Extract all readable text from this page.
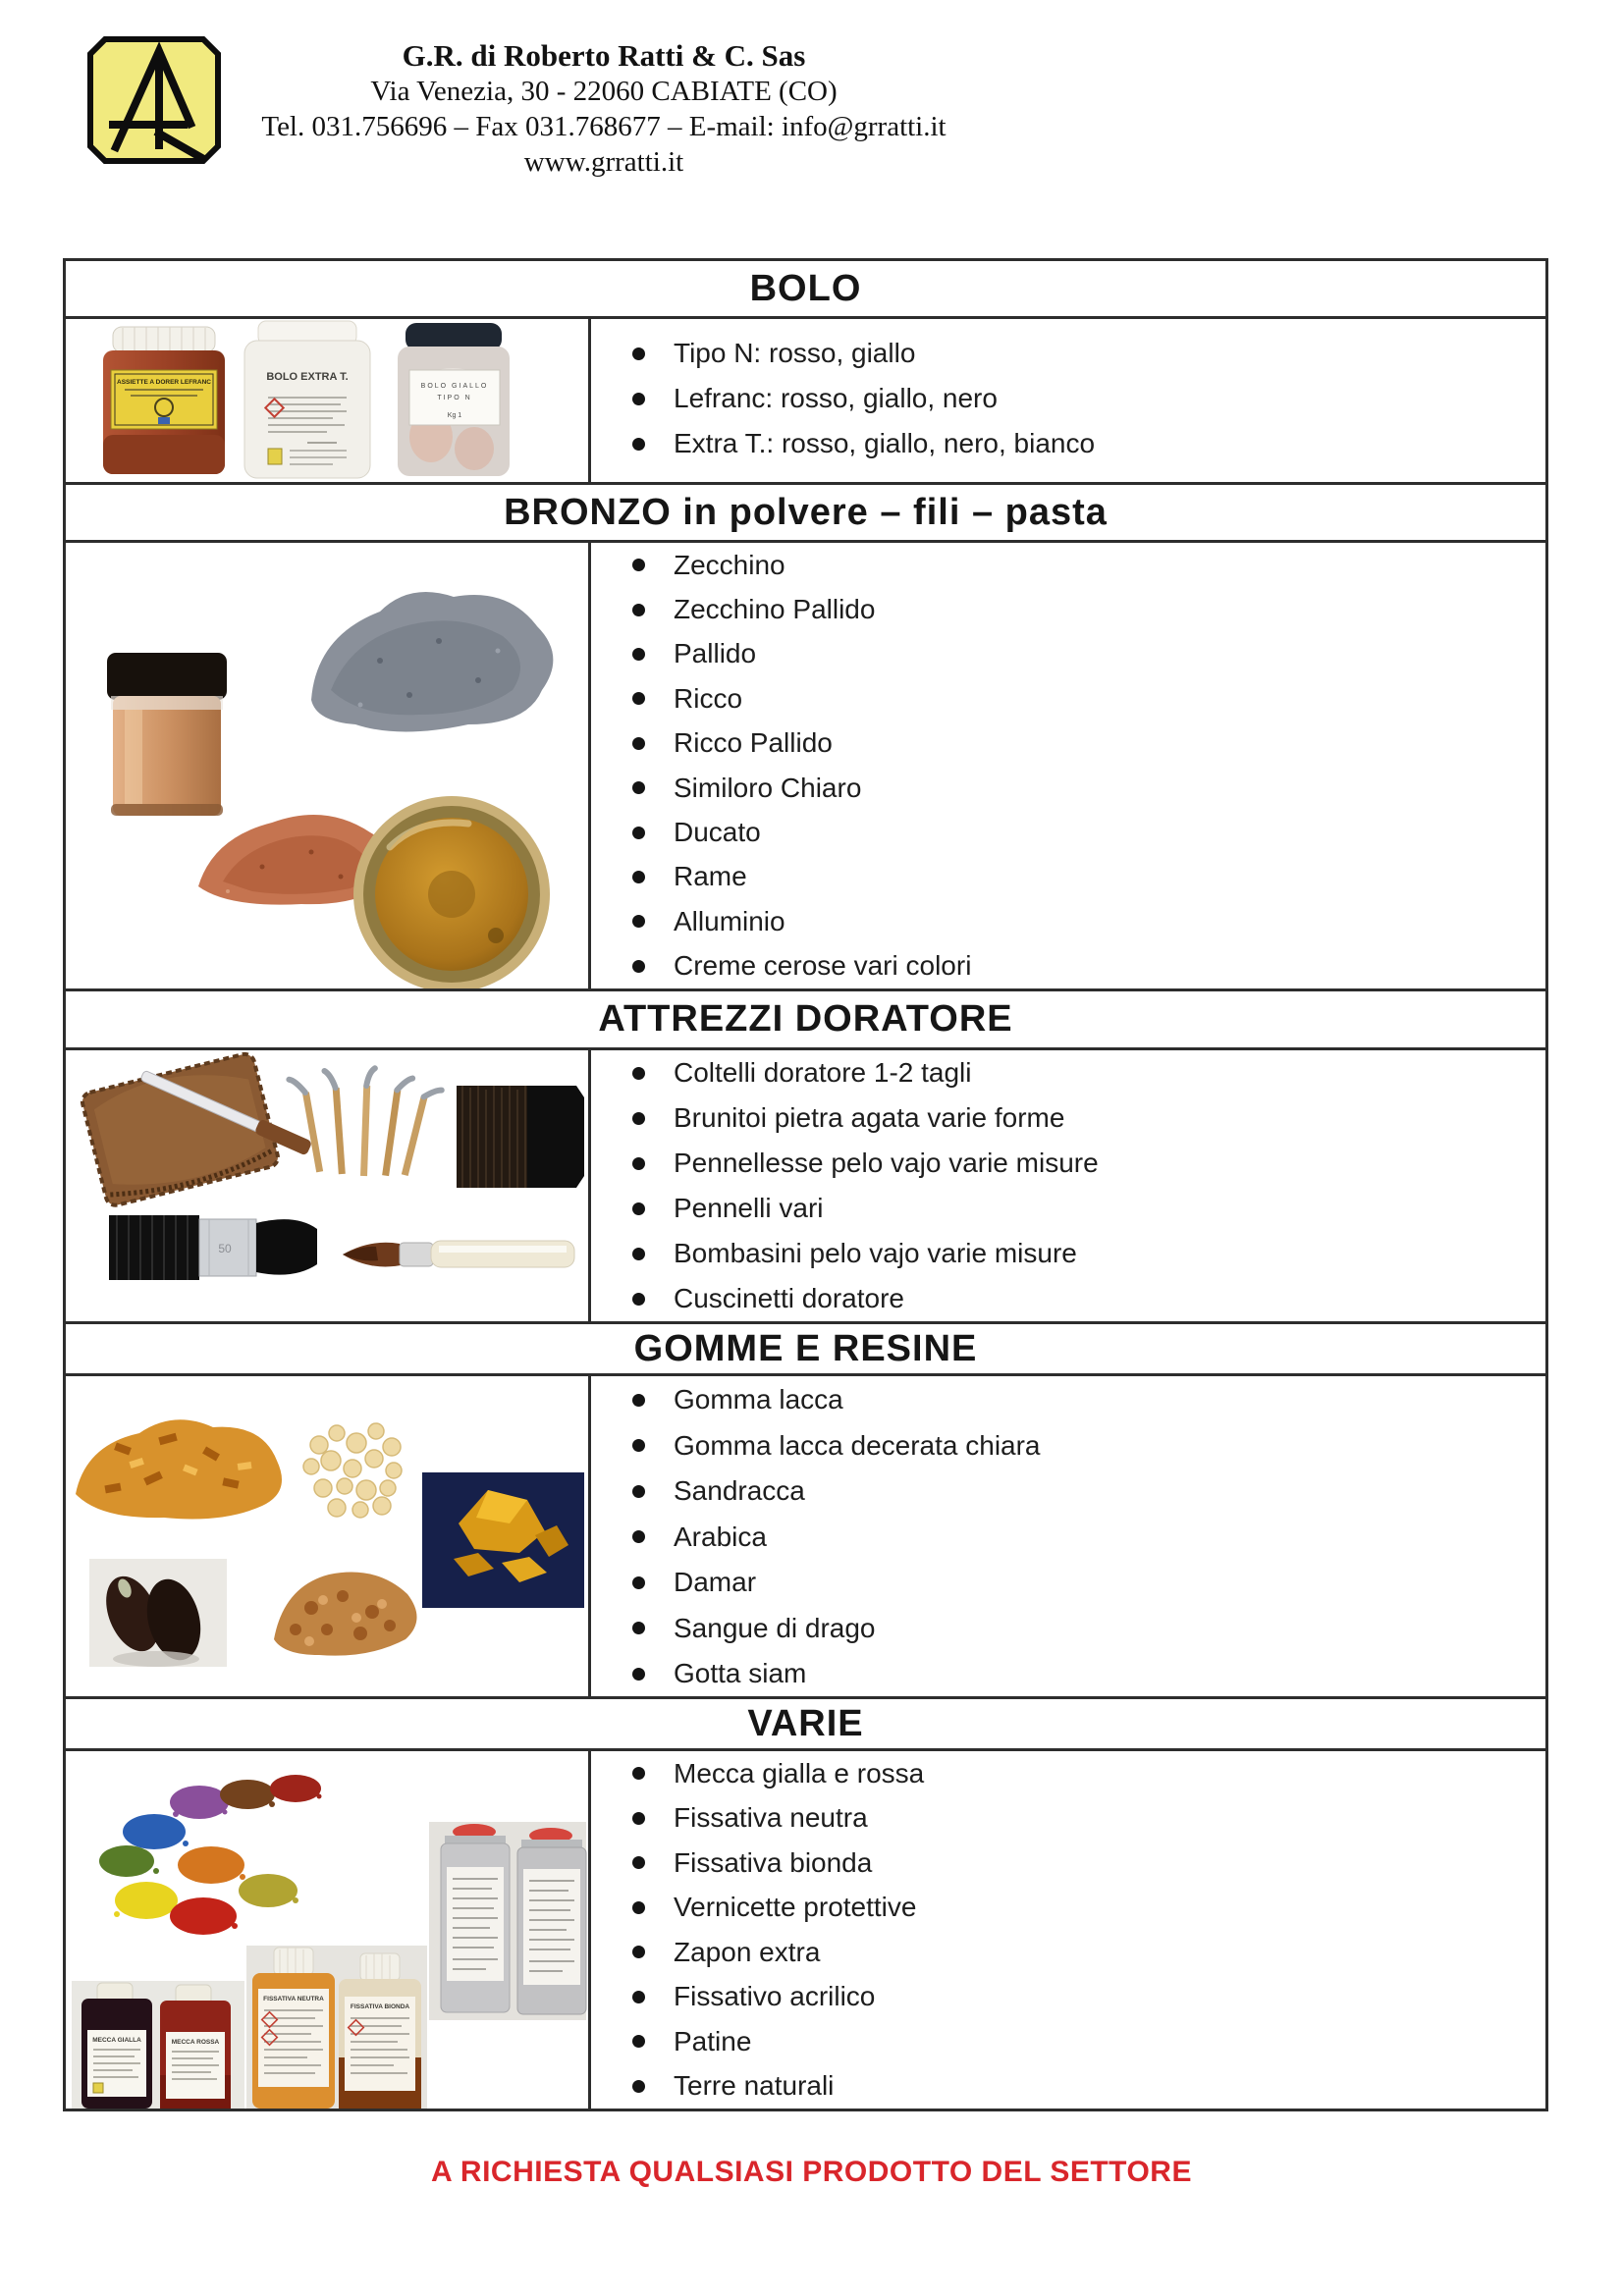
G.R. di Roberto Ratti & C. Sas
Via Venezia, 30 - 22060 CABIATE (CO)
Tel. 031.756696 – Fax 031.768677 – E-mail: info@grratti.it
www.grratti.it
BOLO
ASSIETTE A DORER LEFRANC	BOLO EXTRA T.
BOLO GIALLO
TIPO N
Kg 1
Tipo N: rosso, giallo
Lefranc: rosso, giallo, nero
Extra T.: rosso, giallo, nero, bianco
BRONZO in polvere – fili – pasta
Zecchino
Zecchino Pallido
Pallido
Ricco
Ricco Pallido
Similoro Chiaro
Ducato
Rame
Alluminio
Creme cerose vari colori
ATTREZZI DORATORE
50
Coltelli doratore 1-2 tagli
Brunitoi pietra agata varie forme
Pennellesse pelo vajo varie misure
Pennelli vari
Bombasini pelo vajo varie misure
Cuscinetti doratore
GOMME E RESINE
Gomma lacca
Gomma lacca decerata chiara
Sandracca
Arabica
Damar
Sangue di drago
Gotta siam
VARIE
MECCA GIALLA	MECCA ROSSA
FISSATIVA NEUTRA
FISSATIVA BIONDA
Mecca gialla e rossa
Fissativa neutra
Fissativa bionda
Vernicette protettive
Zapon extra
Fissativo acrilico
Patine
Terre naturali
A RICHIESTA QUALSIASI PRODOTTO DEL SETTORE
